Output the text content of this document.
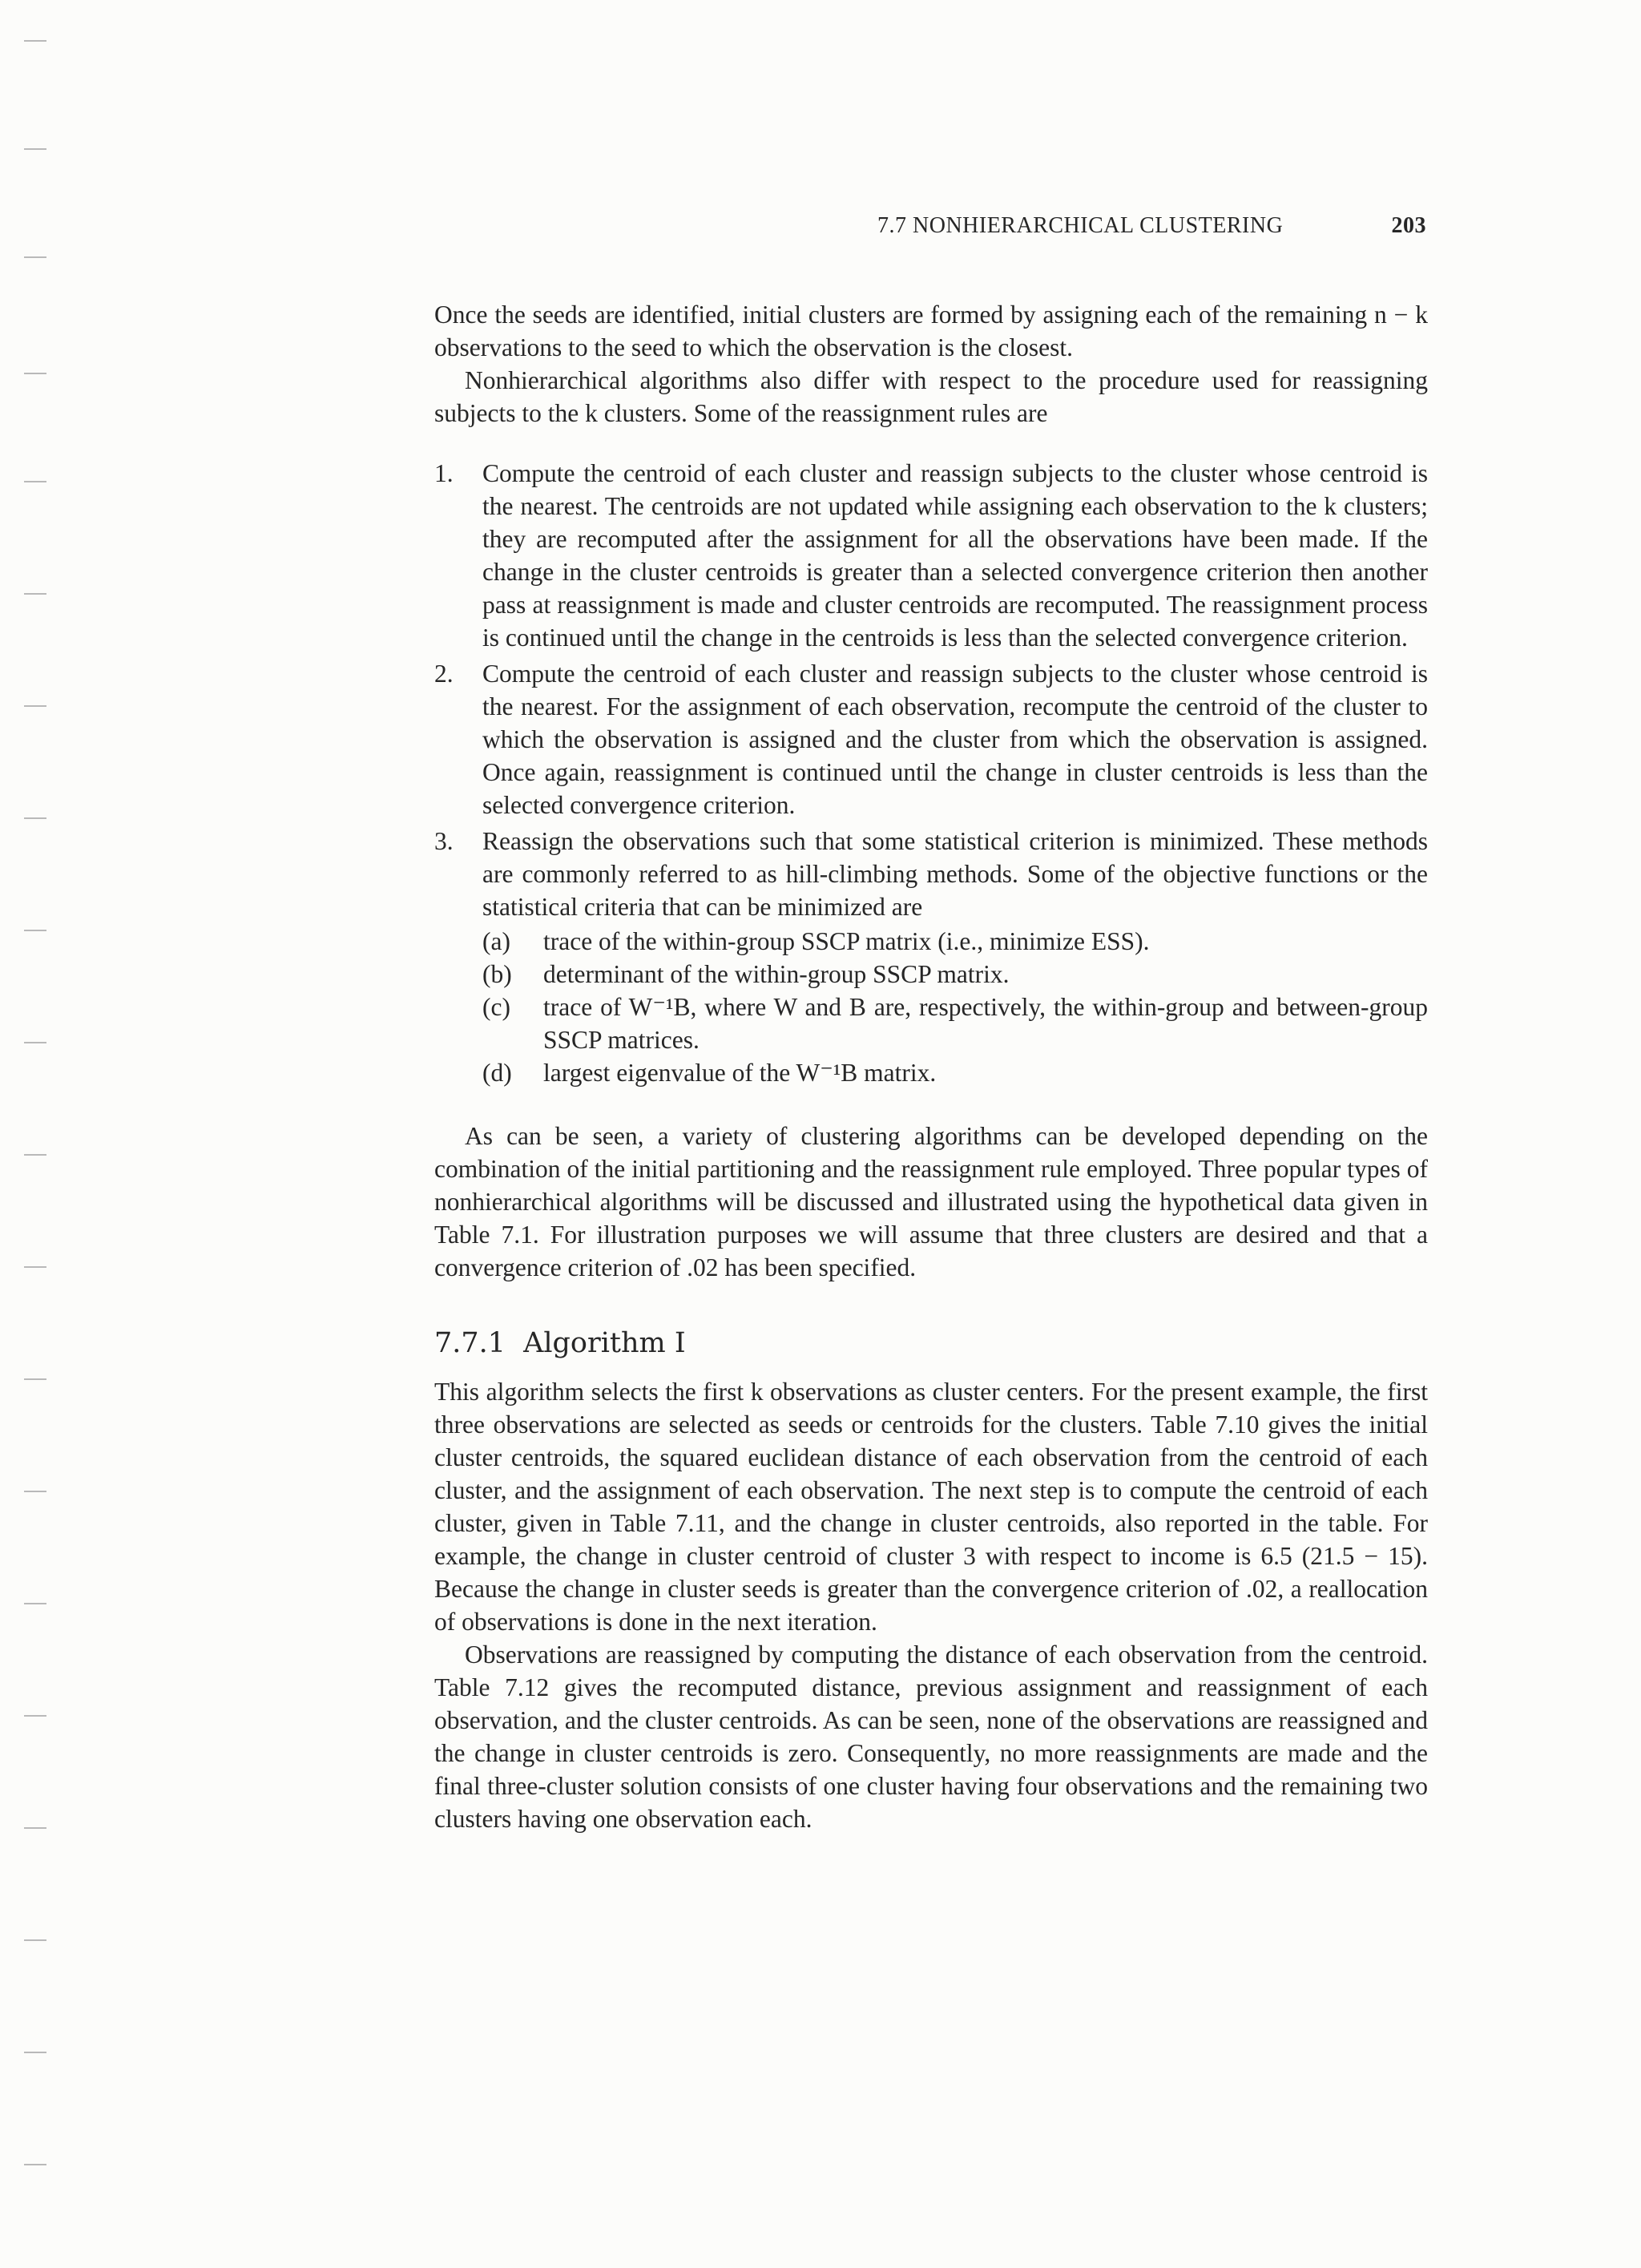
7.7 NONHIERARCHICAL CLUSTERING	203

Once the seeds are identified, initial clusters are formed by assigning each of the remaining n − k observations to the seed to which the observation is the closest.

Nonhierarchical algorithms also differ with respect to the procedure used for reassigning subjects to the k clusters. Some of the reassignment rules are

1. Compute the centroid of each cluster and reassign subjects to the cluster whose centroid is the nearest. The centroids are not updated while assigning each observation to the k clusters; they are recomputed after the assignment for all the observations have been made. If the change in the cluster centroids is greater than a selected convergence criterion then another pass at reassignment is made and cluster centroids are recomputed. The reassignment process is continued until the change in the centroids is less than the selected convergence criterion.

2. Compute the centroid of each cluster and reassign subjects to the cluster whose centroid is the nearest. For the assignment of each observation, recompute the centroid of the cluster to which the observation is assigned and the cluster from which the observation is assigned. Once again, reassignment is continued until the change in cluster centroids is less than the selected convergence criterion.

3. Reassign the observations such that some statistical criterion is minimized. These methods are commonly referred to as hill-climbing methods. Some of the objective functions or the statistical criteria that can be minimized are

(a) trace of the within-group SSCP matrix (i.e., minimize ESS).

(b) determinant of the within-group SSCP matrix.

(c) trace of W⁻¹B, where W and B are, respectively, the within-group and between-group SSCP matrices.

(d) largest eigenvalue of the W⁻¹B matrix.

As can be seen, a variety of clustering algorithms can be developed depending on the combination of the initial partitioning and the reassignment rule employed. Three popular types of nonhierarchical algorithms will be discussed and illustrated using the hypothetical data given in Table 7.1. For illustration purposes we will assume that three clusters are desired and that a convergence criterion of .02 has been specified.

7.7.1 Algorithm I

This algorithm selects the first k observations as cluster centers. For the present example, the first three observations are selected as seeds or centroids for the clusters. Table 7.10 gives the initial cluster centroids, the squared euclidean distance of each observation from the centroid of each cluster, and the assignment of each observation. The next step is to compute the centroid of each cluster, given in Table 7.11, and the change in cluster centroids, also reported in the table. For example, the change in cluster centroid of cluster 3 with respect to income is 6.5 (21.5 − 15). Because the change in cluster seeds is greater than the convergence criterion of .02, a reallocation of observations is done in the next iteration.

Observations are reassigned by computing the distance of each observation from the centroid. Table 7.12 gives the recomputed distance, previous assignment and reassignment of each observation, and the cluster centroids. As can be seen, none of the observations are reassigned and the change in cluster centroids is zero. Consequently, no more reassignments are made and the final three-cluster solution consists of one cluster having four observations and the remaining two clusters having one observation each.
